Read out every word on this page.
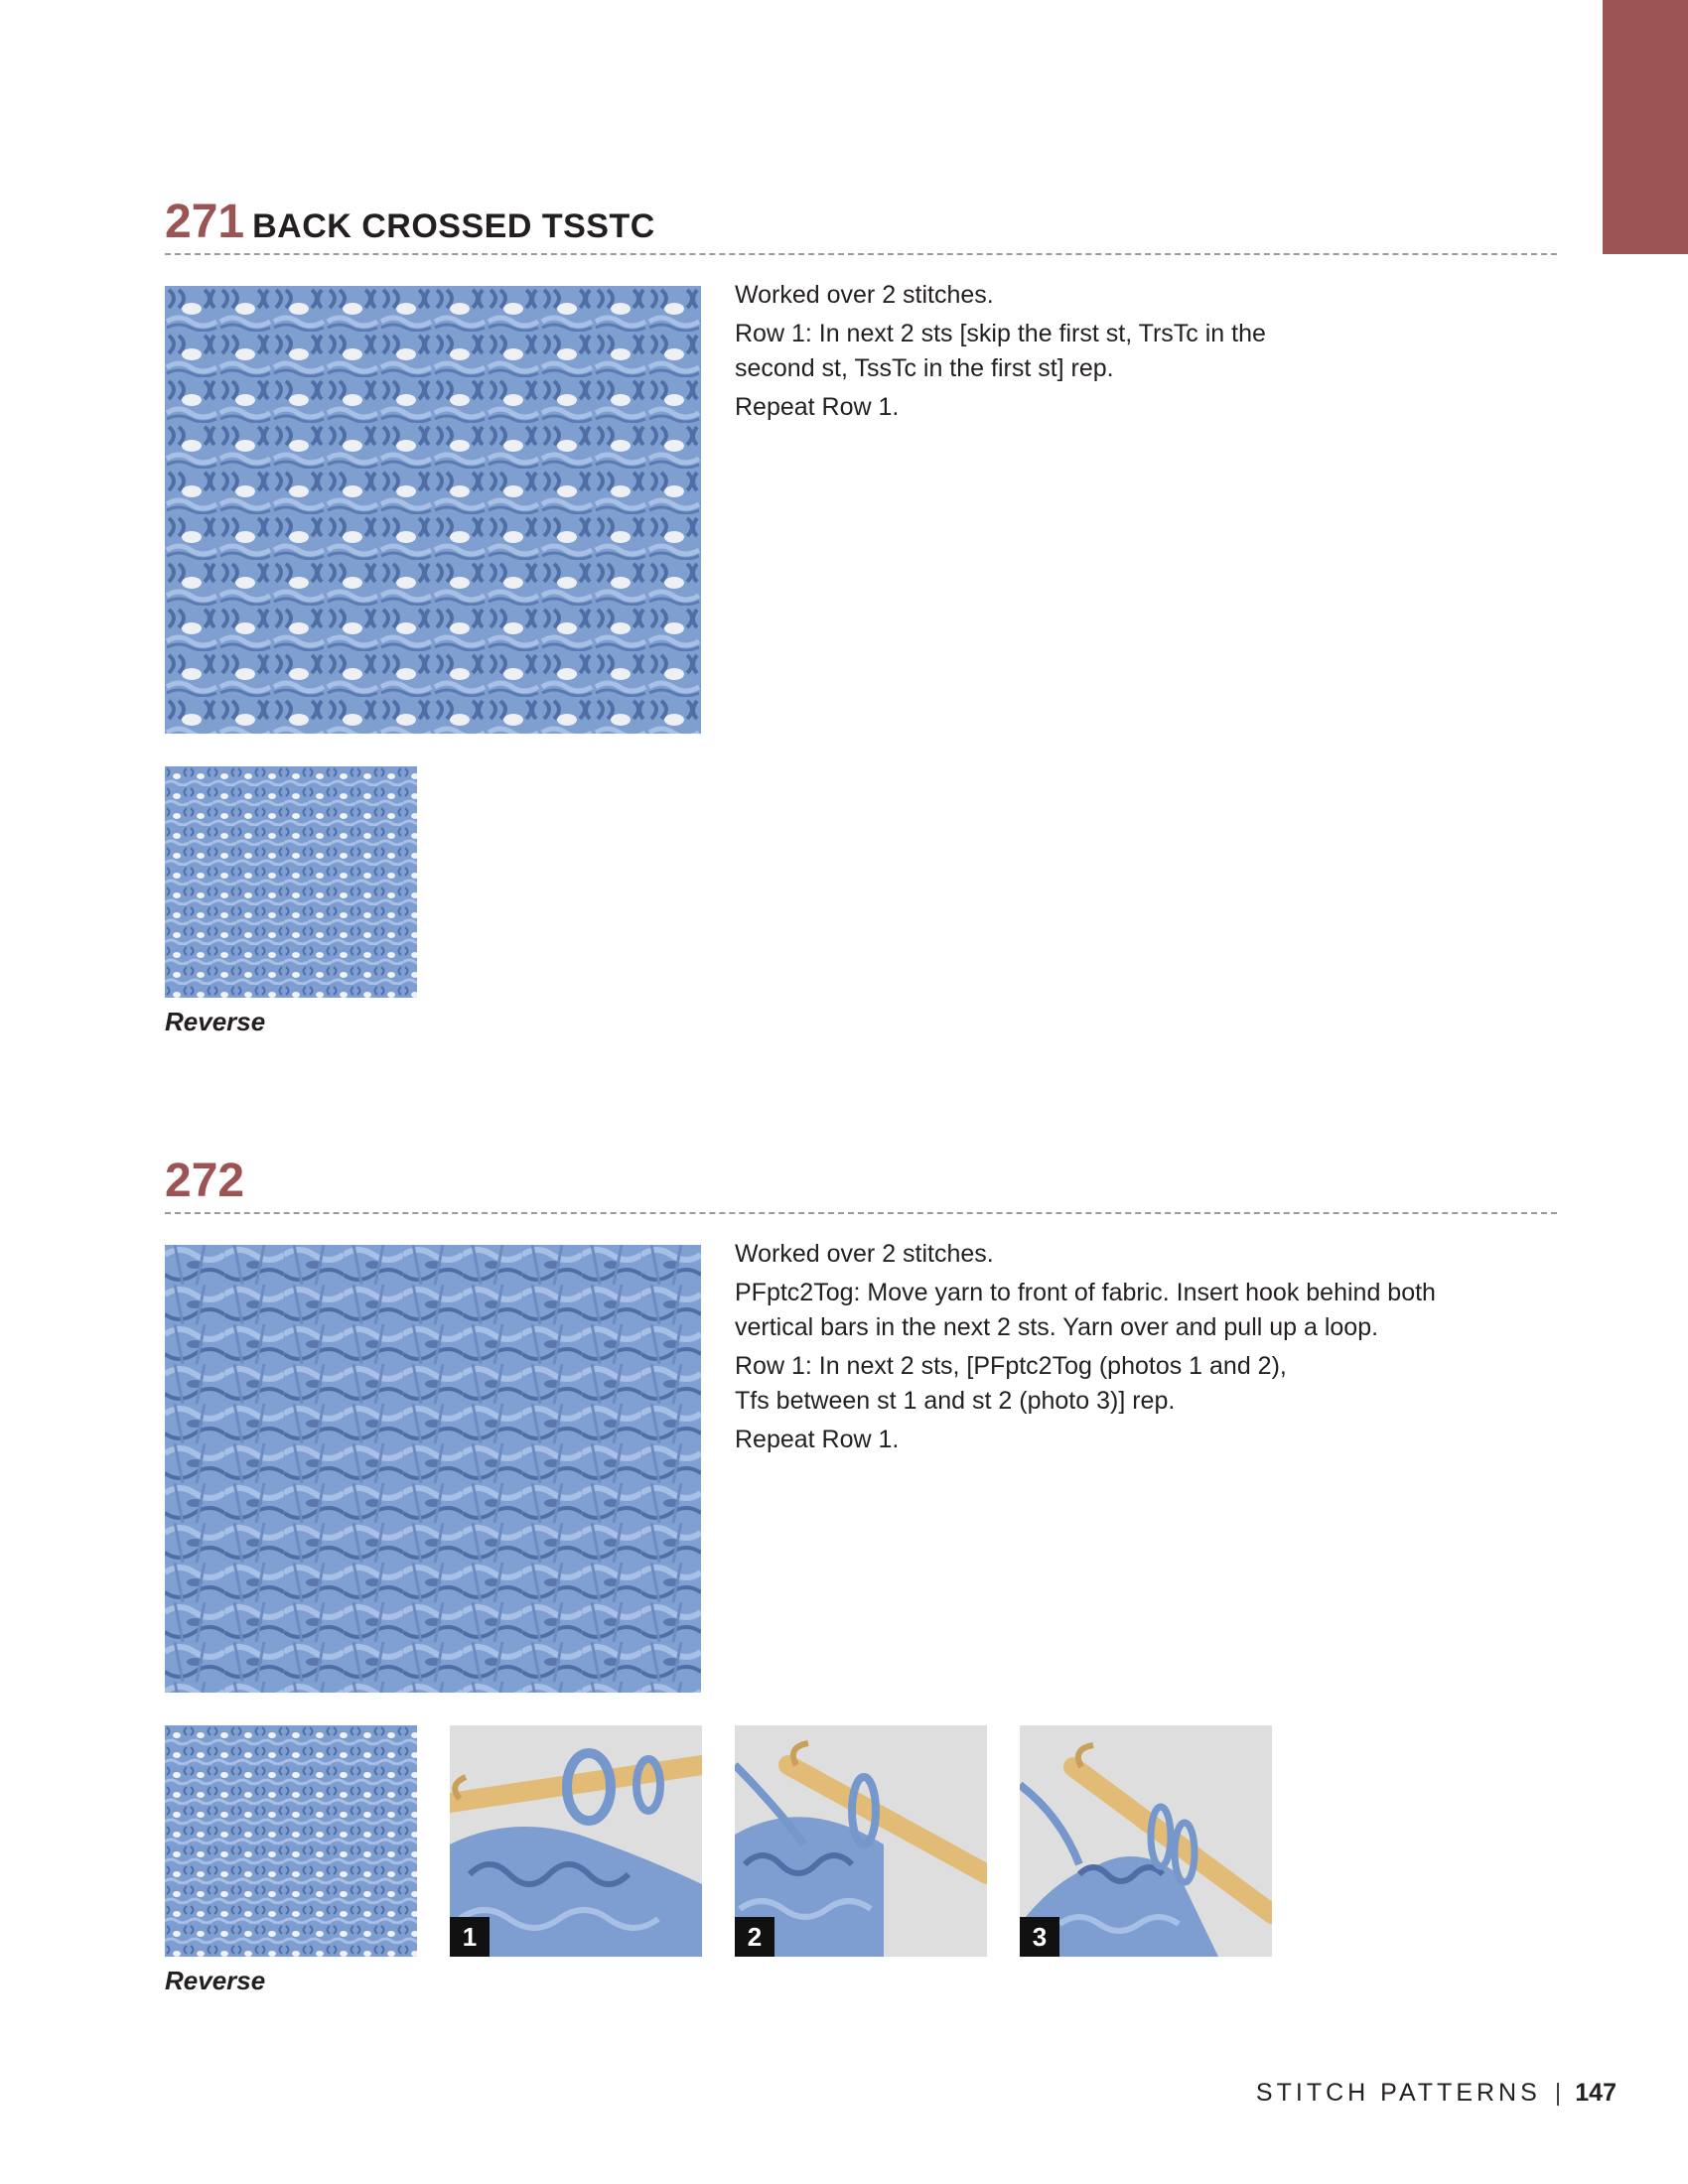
271 BACK CROSSED TSSTC

Worked over 2 stitches.

Row 1: In next 2 sts [skip the first st, TrsTc in the second st, TssTc in the first st] rep.

Repeat Row 1.

Reverse
272

Worked over 2 stitches.

PFptc2Tog: Move yarn to front of fabric. Insert hook behind both vertical bars in the next 2 sts. Yarn over and pull up a loop.

Row 1: In next 2 sts, [PFptc2Tog (photos 1 and 2), Tfs between st 1 and st 2 (photo 3)] rep.

Repeat Row 1.

Reverse
1	2	3
STITCH PATTERNS | 147
